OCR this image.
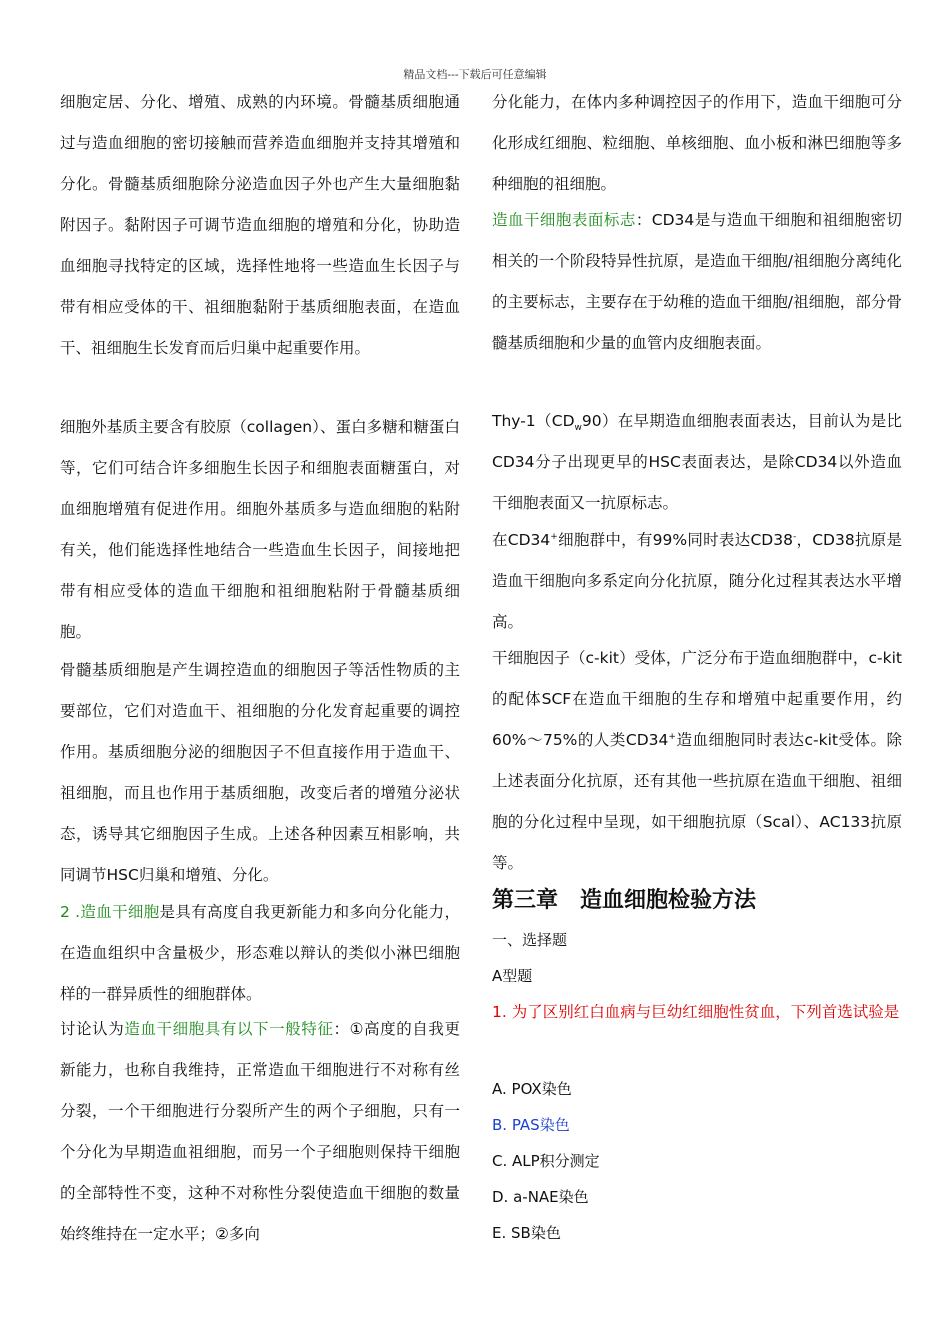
精品文档---下载后可任意编辑

细胞定居、分化、增殖、成熟的内环境。骨髓基质细胞通过与造血细胞的密切接触而营养造血细胞并支持其增殖和分化。骨髓基质细胞除分泌造血因子外也产生大量细胞黏附因子。黏附因子可调节造血细胞的增殖和分化，协助造血细胞寻找特定的区域，选择性地将一些造血生长因子与带有相应受体的干、祖细胞黏附于基质细胞表面，在造血干、祖细胞生长发育而后归巢中起重要作用。

细胞外基质主要含有胶原（collagen）、蛋白多糖和糖蛋白等，它们可结合许多细胞生长因子和细胞表面糖蛋白，对血细胞增殖有促进作用。细胞外基质多与造血细胞的粘附有关，他们能选择性地结合一些造血生长因子，间接地把带有相应受体的造血干细胞和祖细胞粘附于骨髓基质细胞。

骨髓基质细胞是产生调控造血的细胞因子等活性物质的主要部位，它们对造血干、祖细胞的分化发育起重要的调控作用。基质细胞分泌的细胞因子不但直接作用于造血干、祖细胞，而且也作用于基质细胞，改变后者的增殖分泌状态，诱导其它细胞因子生成。上述各种因素互相影响，共同调节HSC归巢和增殖、分化。

2 .造血干细胞是具有高度自我更新能力和多向分化能力，在造血组织中含量极少，形态难以辩认的类似小淋巴细胞样的一群异质性的细胞群体。

讨论认为造血干细胞具有以下一般特征：①高度的自我更新能力，也称自我维持，正常造血干细胞进行不对称有丝分裂，一个干细胞进行分裂所产生的两个子细胞，只有一个分化为早期造血祖细胞，而另一个子细胞则保持干细胞的全部特性不变，这种不对称性分裂使造血干细胞的数量始终维持在一定水平；②多向

分化能力，在体内多种调控因子的作用下，造血干细胞可分化形成红细胞、粒细胞、单核细胞、血小板和淋巴细胞等多种细胞的祖细胞。

造血干细胞表面标志：CD34是与造血干细胞和祖细胞密切相关的一个阶段特异性抗原，是造血干细胞/祖细胞分离纯化的主要标志，主要存在于幼稚的造血干细胞/祖细胞，部分骨髓基质细胞和少量的血管内皮细胞表面。

Thy-$1(CD_w90)$在早期造血细胞表面表达，目前认为是比CD34分子出现更早的HSC表面表达，是除CD34以外造血干细胞表面又一抗原标志。

在CD34+细胞群中，有99%同时表达CD38-，CD38抗原是造血干细胞向多系定向分化抗原，随分化过程其表达水平增高。

干细胞因子（c-kit）受体，广泛分布于造血细胞群中，c-kit的配体SCF在造血干细胞的生存和增殖中起重要作用，约60%～75%的人类CD34+造血细胞同时表达c-kit受体。除上述表面分化抗原，还有其他一些抗原在造血干细胞、祖细胞的分化过程中呈现，如干细胞抗原（Scal）、AC133抗原等。

第三章　造血细胞检验方法

一、选择题

A型题

1. 为了区别红白血病与巨幼红细胞性贫血，下列首选试验是

A. POX染色

B. PAS染色

C. ALP积分测定

D. a-NAE染色

E. SB染色
